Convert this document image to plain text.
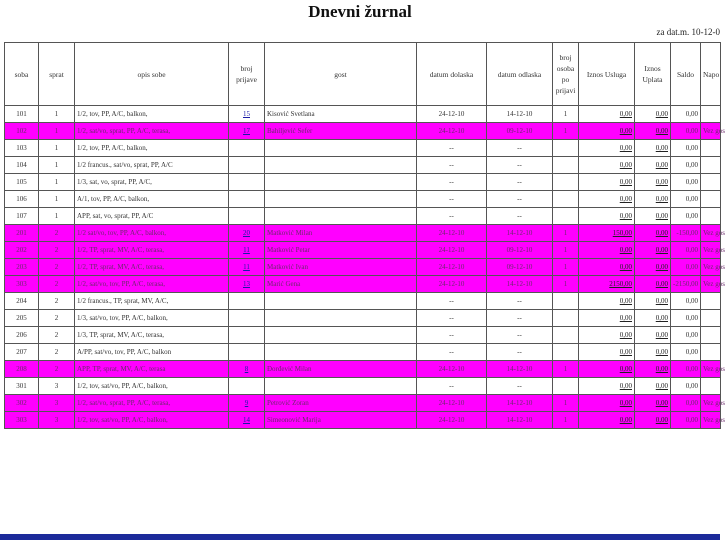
Dnevni žurnal
za dat.m. 10-12-0
soba	sprat	opis sobe	broj prijave	gost	datum dolaska	datum odlaska	broj osoba po prijavi	Iznos Usluga	Iznos Uplata	Saldo	Napo
101	1	1/2, tov, PP, A/C, balkon,	15	Kisović Svetlana	24-12-10	14-12-10	1	0,00	0,00	0,00	
102	1	1/2, sat/vo, sprat, PP, A/C, terasa,	17	Bahiljević Sefer	24-12-10	09-12-10	1	0,00	0,00	0,00	Vez gos
103	1	1/2, tov, PP, A/C, balkon,			--	--		0,00	0,00	0,00	
104	1	1/2 francus., sat/vo, sprat, PP, A/C			--	--		0,00	0,00	0,00	
105	1	1/3, sat, vo, sprat, PP, A/C,			--	--		0,00	0,00	0,00	
106	1	A/1, tov, PP, A/C, balkon,			--	--		0,00	0,00	0,00	
107	1	APP, sat, vo, sprat, PP, A/C			--	--		0,00	0,00	0,00	
201	2	1/2 sat/vo, tov, PP, A/C, balkon,	20	Matković Milan	24-12-10	14-12-10	1	150,00	0,00	-150,00	Vez gos
202	2	1/2, TP, sprat, MV, A/C, terasa,	11	Matković Petar	24-12-10	09-12-10	1	0,00	0,00	0,00	Vez gos
203	2	1/2, TP, sprat, MV, A/C, terasa,	11	Matković Ivan	24-12-10	09-12-10	1	0,00	0,00	0,00	Vez gos
303	2	1/2, sat/vo, tov, PP, A/C, terasa,	13	Marić Gena	24-12-10	14-12-10	1	2150,00	0,00	-2150,00	Vez gos
204	2	1/2 francus., TP, sprat, MV, A/C,			--	--		0,00	0,00	0,00	
205	2	1/3, sat/vo, tov, PP, A/C, balkon,			--	--		0,00	0,00	0,00	
206	2	1/3, TP, sprat, MV, A/C, terasa,			--	--		0,00	0,00	0,00	
207	2	A/PP, sat/vo, tov, PP, A/C, balkon			--	--		0,00	0,00	0,00	
208	2	APP, TP, sprat, MV, A/C, terasa	8	Đorđević Milan	24-12-10	14-12-10	1	0,00	0,00	0,00	Vez gos
301	3	1/2, tov, sat/vo, PP, A/C, balkon,			--	--		0,00	0,00	0,00	
302	3	1/2, sat/vo, sprat, PP, A/C, terasa,	9	Petrović Zoran	24-12-10	14-12-10	1	0,00	0,00	0,00	Vez gos
303	3	1/2, tov, sat/vo, PP, A/C, balkon,	14	Simeonović Marija	24-12-10	14-12-10	1	0,00	0,00	0,00	Vez gos
